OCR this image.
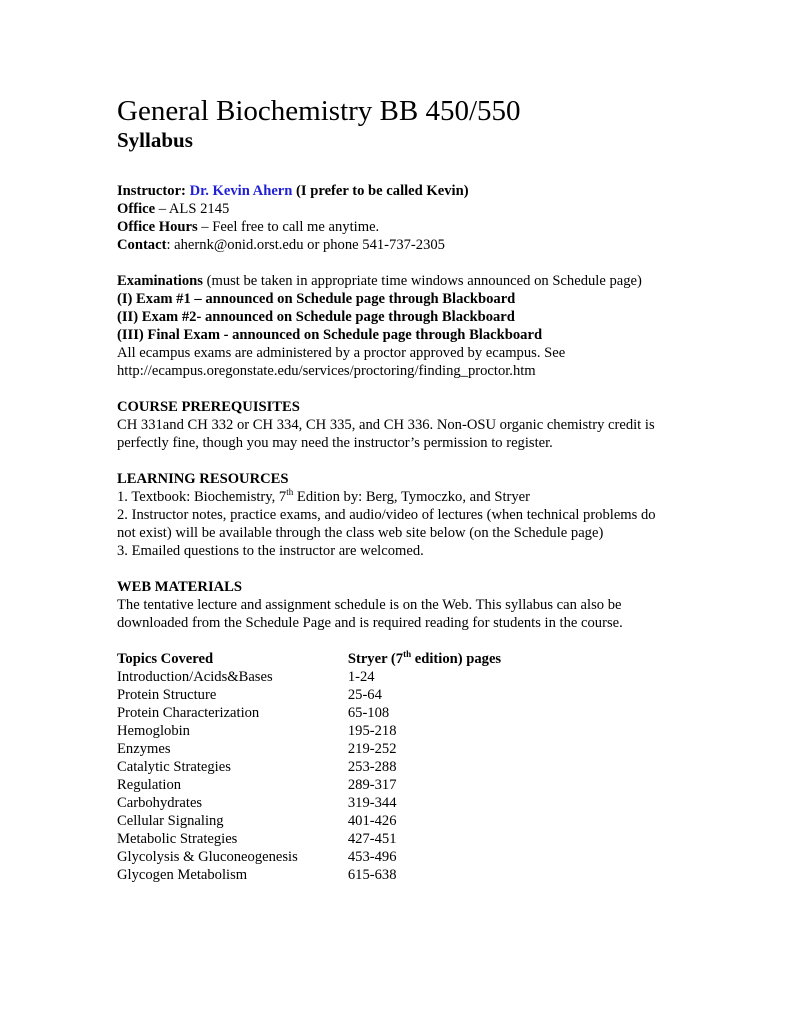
General Biochemistry BB 450/550
Syllabus
Instructor: Dr. Kevin Ahern (I prefer to be called Kevin)
Office – ALS 2145
Office Hours – Feel free to call me anytime.
Contact: ahernk@onid.orst.edu or phone 541-737-2305
Examinations (must be taken in appropriate time windows announced on Schedule page)
(I) Exam #1 – announced on Schedule page through Blackboard
(II) Exam #2- announced on Schedule page through Blackboard
(III) Final Exam - announced on Schedule page through Blackboard
All ecampus exams are administered by a proctor approved by ecampus. See
http://ecampus.oregonstate.edu/services/proctoring/finding_proctor.htm
COURSE PREREQUISITES
CH 331and CH 332 or CH 334, CH 335, and CH 336. Non-OSU organic chemistry credit is perfectly fine, though you may need the instructor’s permission to register.
LEARNING RESOURCES
1. Textbook: Biochemistry, 7th Edition by: Berg, Tymoczko, and Stryer
2. Instructor notes, practice exams, and audio/video of lectures (when technical problems do not exist) will be available through the class web site below (on the Schedule page)
3. Emailed questions to the instructor are welcomed.
WEB MATERIALS
The tentative lecture and assignment schedule is on the Web. This syllabus can also be downloaded from the Schedule Page and is required reading for students in the course.
Topics Covered	Stryer (7th edition) pages
Introduction/Acids&Bases	1-24
Protein Structure	25-64
Protein Characterization	65-108
Hemoglobin	195-218
Enzymes	219-252
Catalytic Strategies	253-288
Regulation	289-317
Carbohydrates	319-344
Cellular Signaling	401-426
Metabolic Strategies	427-451
Glycolysis & Gluconeogenesis	453-496
Glycogen Metabolism	615-638
